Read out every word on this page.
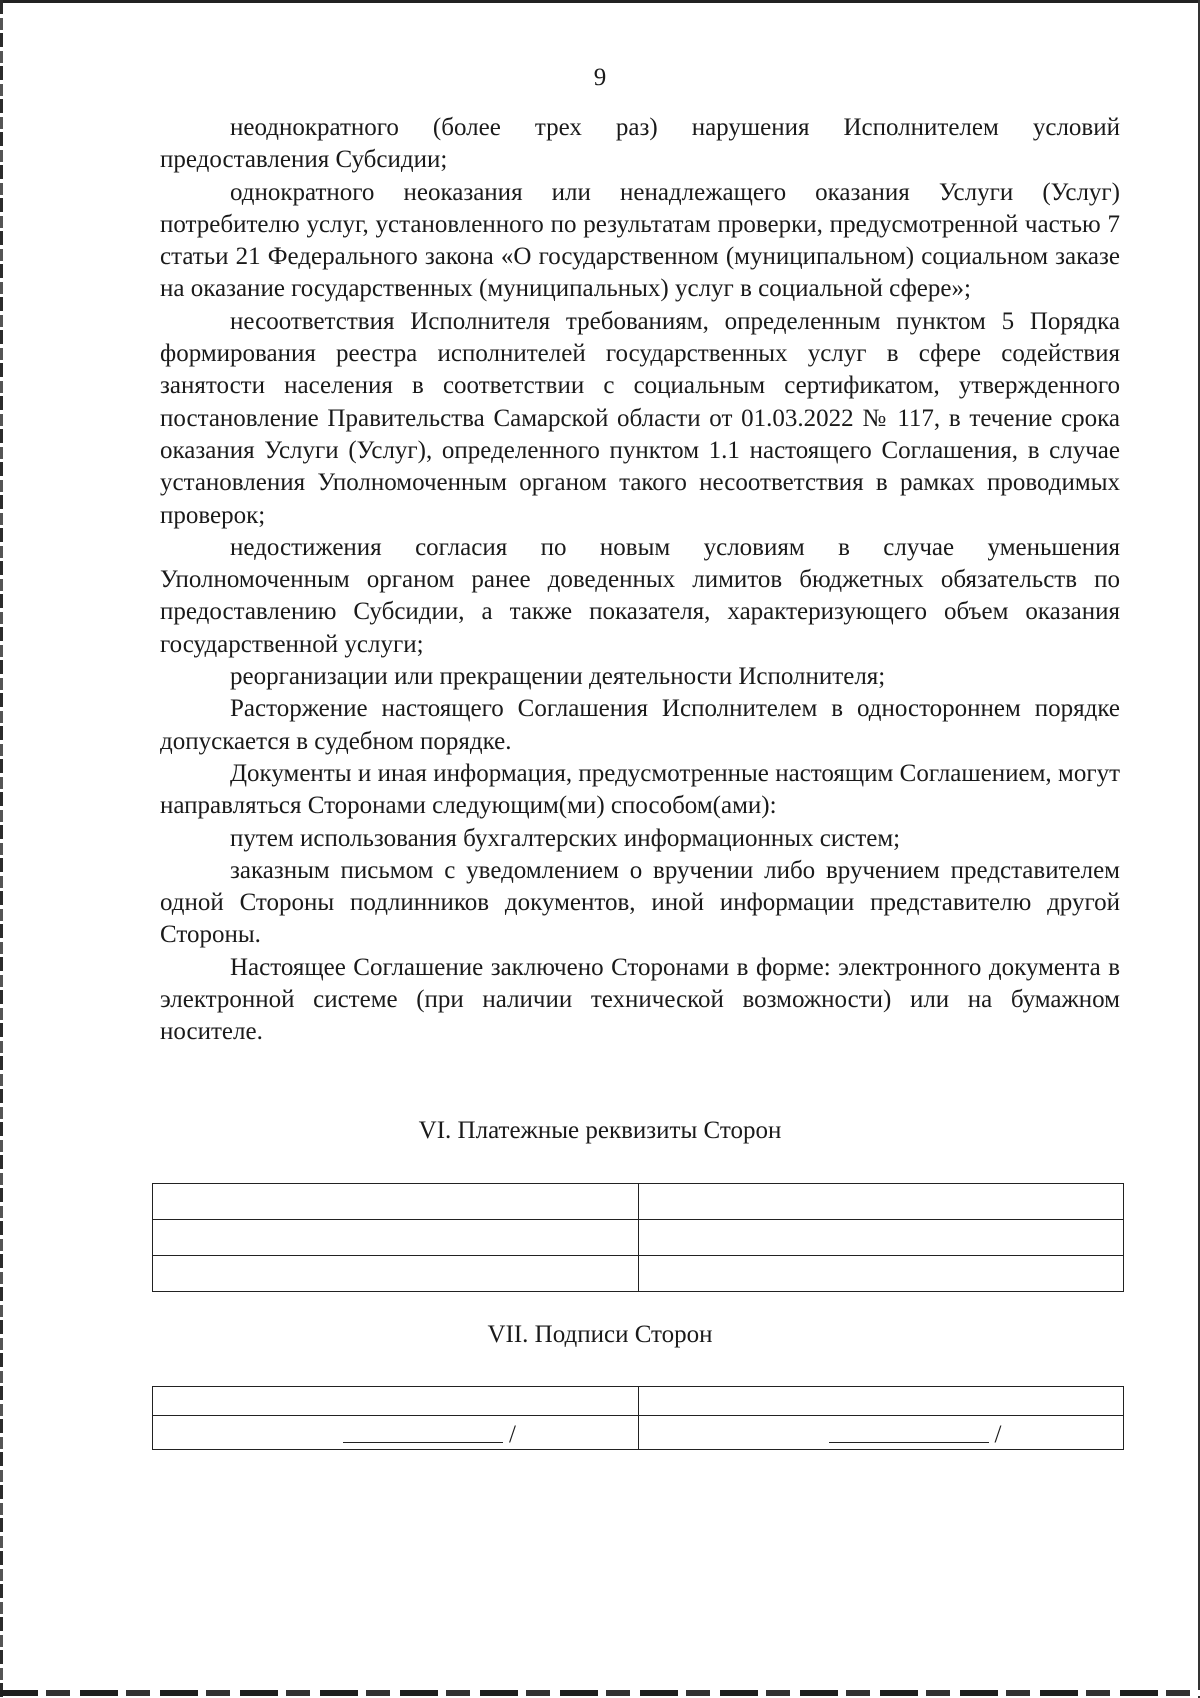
9

неоднократного (более трех раз) нарушения Исполнителем условий предоставления Субсидии;

однократного неоказания или ненадлежащего оказания Услуги (Услуг) потребителю услуг, установленного по результатам проверки, предусмотренной частью 7 статьи 21 Федерального закона «О государственном (муниципальном) социальном заказе на оказание государственных (муниципальных) услуг в социальной сфере»;

несоответствия Исполнителя требованиям, определенным пунктом 5 Порядка формирования реестра исполнителей государственных услуг в сфере содействия занятости населения в соответствии с социальным сертификатом, утвержденного постановление Правительства Самарской области от 01.03.2022 № 117, в течение срока оказания Услуги (Услуг), определенного пунктом 1.1 настоящего Соглашения, в случае установления Уполномоченным органом такого несоответствия в рамках проводимых проверок;

недостижения согласия по новым условиям в случае уменьшения Уполномоченным органом ранее доведенных лимитов бюджетных обязательств по предоставлению Субсидии, а также показателя, характеризующего объем оказания государственной услуги;

реорганизации или прекращении деятельности Исполнителя;

Расторжение настоящего Соглашения Исполнителем в одностороннем порядке допускается в судебном порядке.

Документы и иная информация, предусмотренные настоящим Соглашением, могут направляться Сторонами следующим(ми) способом(ами):

путем использования бухгалтерских информационных систем;

заказным письмом с уведомлением о вручении либо вручением представителем одной Стороны подлинников документов, иной информации представителю другой Стороны.

Настоящее Соглашение заключено Сторонами в форме: электронного документа в электронной системе (при наличии технической возможности) или на бумажном носителе.

VI. Платежные реквизиты Сторон

VII. Подписи Сторон

/	/
